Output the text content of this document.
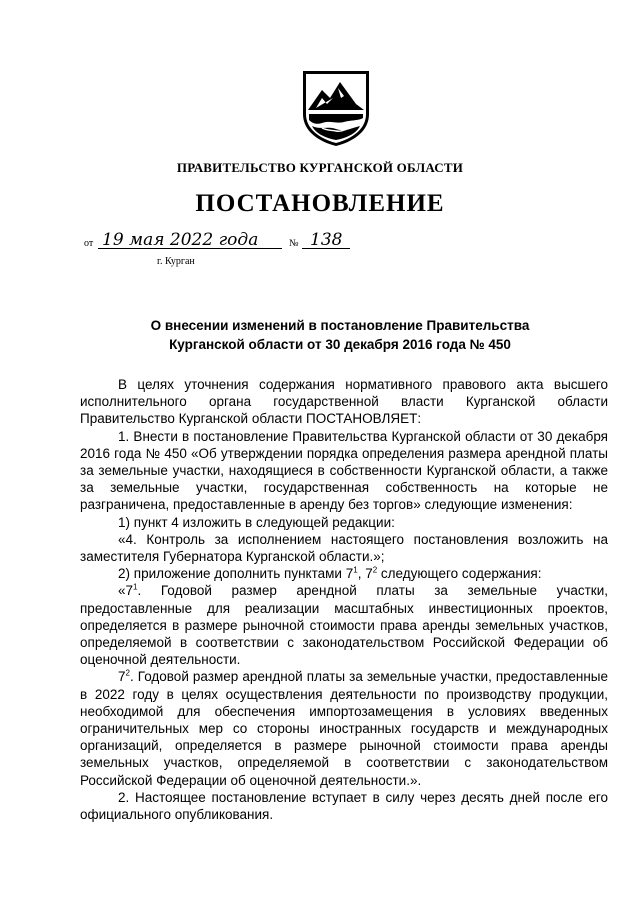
ПРАВИТЕЛЬСТВО КУРГАНСКОЙ ОБЛАСТИ
ПОСТАНОВЛЕНИЕ
от 19 мая 2022 года	№ 138
г. Курган
О внесении изменений в постановление Правительства
Курганской области от 30 декабря 2016 года № 450

В целях уточнения содержания нормативного правового акта высшего исполнительного органа государственной власти Курганской области Правительство Курганской области ПОСТАНОВЛЯЕТ:

1. Внести в постановление Правительства Курганской области от 30 декабря 2016 года № 450 «Об утверждении порядка определения размера арендной платы за земельные участки, находящиеся в собственности Курганской области, а также за земельные участки, государственная собственность на которые не разграничена, предоставленные в аренду без торгов» следующие изменения:

1) пункт 4 изложить в следующей редакции:

«4. Контроль за исполнением настоящего постановления возложить на заместителя Губернатора Курганской области.»;

2) приложение дополнить пунктами $7^1$, $7^2$ следующего содержания:

«$7^1$. Годовой размер арендной платы за земельные участки, предоставленные для реализации масштабных инвестиционных проектов, определяется в размере рыночной стоимости права аренды земельных участков, определяемой в соответствии с законодательством Российской Федерации об оценочной деятельности.

$7^2$. Годовой размер арендной платы за земельные участки, предоставленные в 2022 году в целях осуществления деятельности по производству продукции, необходимой для обеспечения импортозамещения в условиях введенных ограничительных мер со стороны иностранных государств и международных организаций, определяется в размере рыночной стоимости права аренды земельных участков, определяемой в соответствии с законодательством Российской Федерации об оценочной деятельности.».

2. Настоящее постановление вступает в силу через десять дней после его официального опубликования.
